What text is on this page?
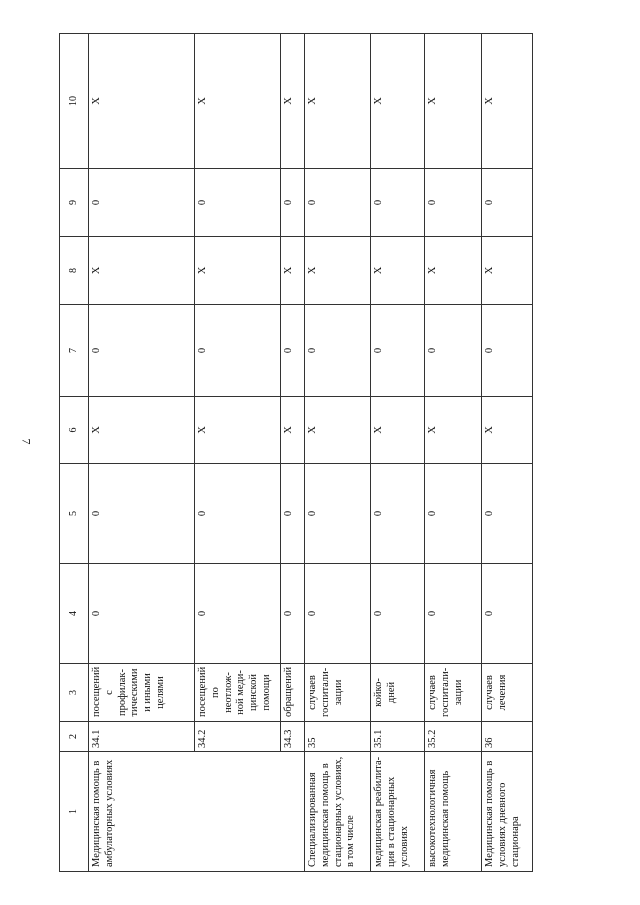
7
1	2	3	4	5	6	7	8	9	10
Медицинская помощь в амбулаторных условиях	34.1	посещений с профилак-тическими и иными целями	0	0	Х	0	Х	0	Х
	34.2	посещений по неотлож-ной меди-цинской помощи	0	0	Х	0	Х	0	Х
	34.3	обращений	0	0	Х	0	Х	0	Х
Специализированная медицинская помощь в стационарных условиях, в том числе	35	случаев госпитали-зации	0	0	Х	0	Х	0	Х
медицинская реабилита-ция в стационарных условиях	35.1	койко-дней	0	0	Х	0	Х	0	Х
высокотехнологичная медицинская помощь	35.2	случаев госпитали-зации	0	0	Х	0	Х	0	Х
Медицинская помощь в условиях дневного стационара	36	случаев лечения	0	0	Х	0	Х	0	Х
